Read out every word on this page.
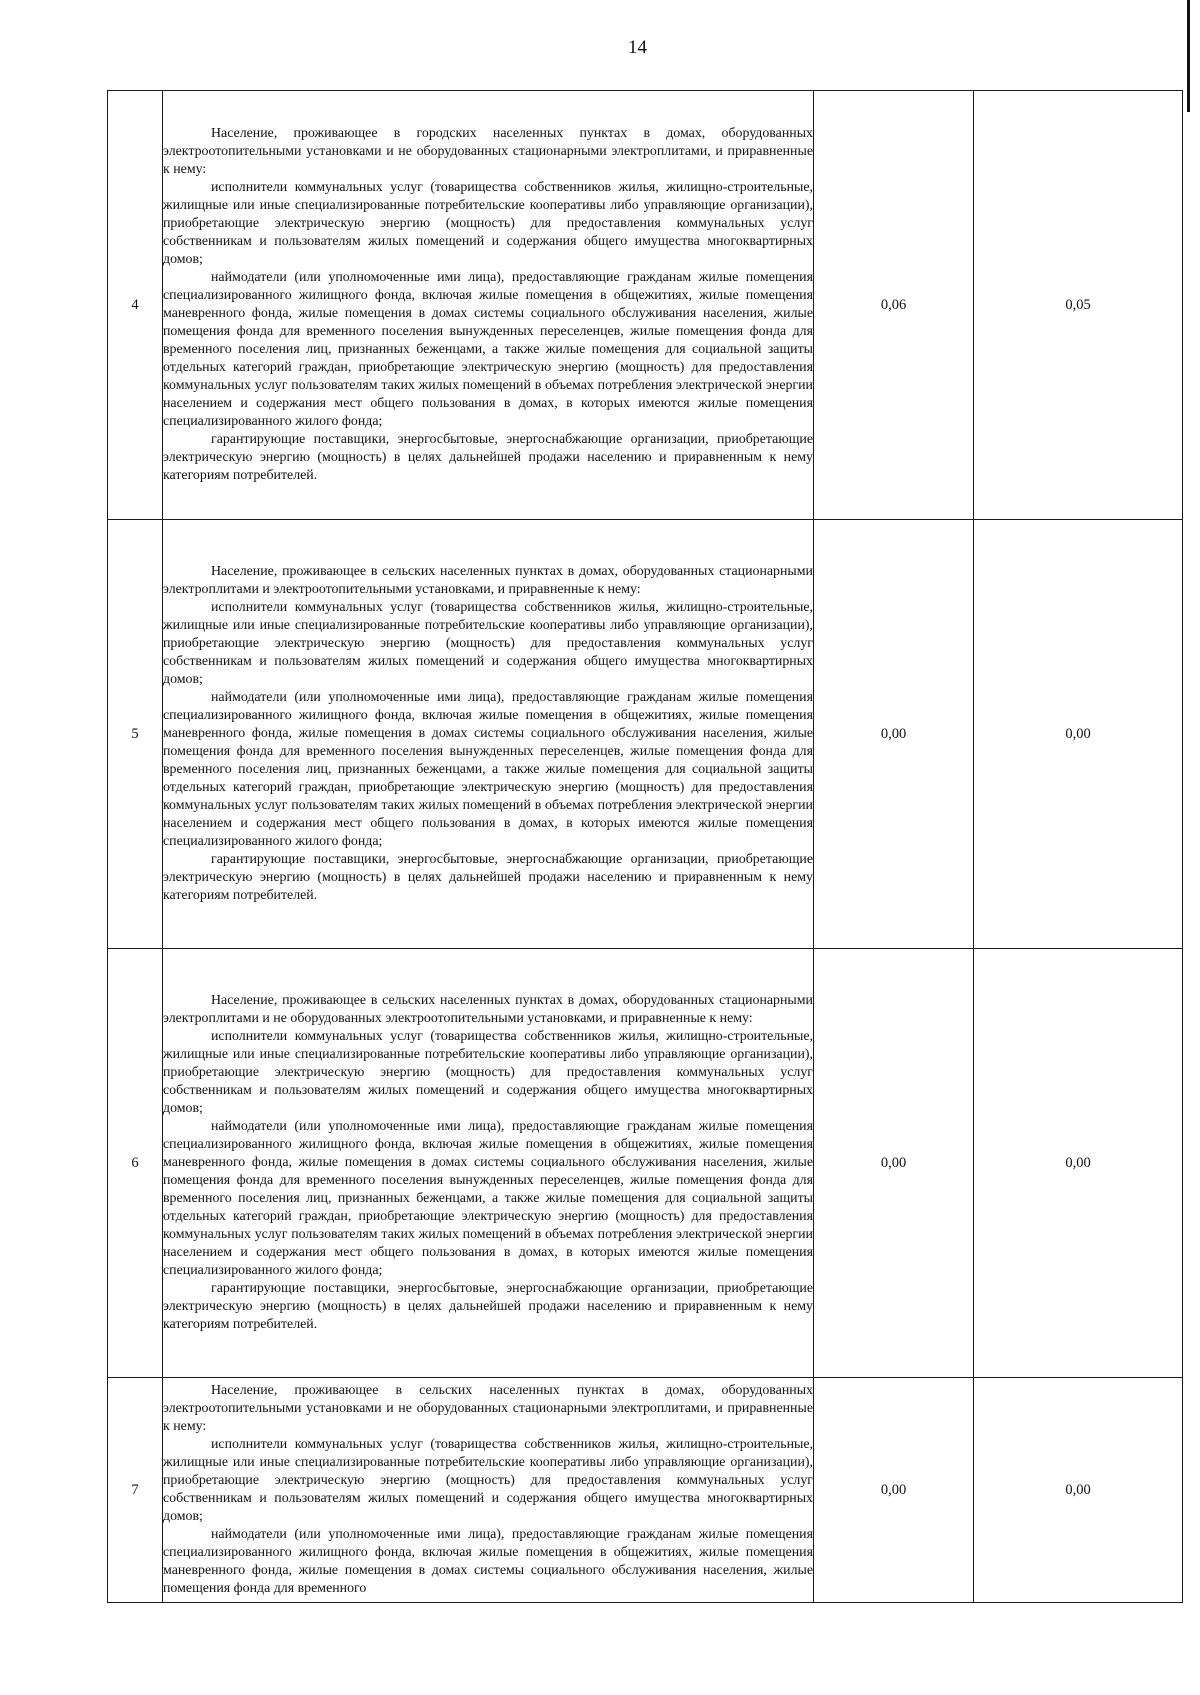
14
4	Население, проживающее в городских населенных пунктах в домах, оборудованных электроотопительными установками и не оборудованных стационарными электроплитами, и приравненные к нему:

исполнители коммунальных услуг (товарищества собственников жилья, жилищно-строительные, жилищные или иные специализированные потребительские кооперативы либо управляющие организации), приобретающие электрическую энергию (мощность) для предоставления коммунальных услуг собственникам и пользователям жилых помещений и содержания общего имущества многоквартирных домов;

наймодатели (или уполномоченные ими лица), предоставляющие гражданам жилые помещения специализированного жилищного фонда, включая жилые помещения в общежитиях, жилые помещения маневренного фонда, жилые помещения в домах системы социального обслуживания населения, жилые помещения фонда для временного поселения вынужденных переселенцев, жилые помещения фонда для временного поселения лиц, признанных беженцами, а также жилые помещения для социальной защиты отдельных категорий граждан, приобретающие электрическую энергию (мощность) для предоставления коммунальных услуг пользователям таких жилых помещений в объемах потребления электрической энергии населением и содержания мест общего пользования в домах, в которых имеются жилые помещения специализированного жилого фонда;

гарантирующие поставщики, энергосбытовые, энергоснабжающие организации, приобретающие электрическую энергию (мощность) в целях дальнейшей продажи населению и приравненным к нему категориям потребителей.	0,06	0,05
5	Население, проживающее в сельских населенных пунктах в домах, оборудованных стационарными электроплитами и электроотопительными установками, и приравненные к нему:

исполнители коммунальных услуг (товарищества собственников жилья, жилищно-строительные, жилищные или иные специализированные потребительские кооперативы либо управляющие организации), приобретающие электрическую энергию (мощность) для предоставления коммунальных услуг собственникам и пользователям жилых помещений и содержания общего имущества многоквартирных домов;

наймодатели (или уполномоченные ими лица), предоставляющие гражданам жилые помещения специализированного жилищного фонда, включая жилые помещения в общежитиях, жилые помещения маневренного фонда, жилые помещения в домах системы социального обслуживания населения, жилые помещения фонда для временного поселения вынужденных переселенцев, жилые помещения фонда для временного поселения лиц, признанных беженцами, а также жилые помещения для социальной защиты отдельных категорий граждан, приобретающие электрическую энергию (мощность) для предоставления коммунальных услуг пользователям таких жилых помещений в объемах потребления электрической энергии населением и содержания мест общего пользования в домах, в которых имеются жилые помещения специализированного жилого фонда;

гарантирующие поставщики, энергосбытовые, энергоснабжающие организации, приобретающие электрическую энергию (мощность) в целях дальнейшей продажи населению и приравненным к нему категориям потребителей.	0,00	0,00
6	Население, проживающее в сельских населенных пунктах в домах, оборудованных стационарными электроплитами и не оборудованных электроотопительными установками, и приравненные к нему:

исполнители коммунальных услуг (товарищества собственников жилья, жилищно-строительные, жилищные или иные специализированные потребительские кооперативы либо управляющие организации), приобретающие электрическую энергию (мощность) для предоставления коммунальных услуг собственникам и пользователям жилых помещений и содержания общего имущества многоквартирных домов;

наймодатели (или уполномоченные ими лица), предоставляющие гражданам жилые помещения специализированного жилищного фонда, включая жилые помещения в общежитиях, жилые помещения маневренного фонда, жилые помещения в домах системы социального обслуживания населения, жилые помещения фонда для временного поселения вынужденных переселенцев, жилые помещения фонда для временного поселения лиц, признанных беженцами, а также жилые помещения для социальной защиты отдельных категорий граждан, приобретающие электрическую энергию (мощность) для предоставления коммунальных услуг пользователям таких жилых помещений в объемах потребления электрической энергии населением и содержания мест общего пользования в домах, в которых имеются жилые помещения специализированного жилого фонда;

гарантирующие поставщики, энергосбытовые, энергоснабжающие организации, приобретающие электрическую энергию (мощность) в целях дальнейшей продажи населению и приравненным к нему категориям потребителей.	0,00	0,00
7	Население, проживающее в сельских населенных пунктах в домах, оборудованных электроотопительными установками и не оборудованных стационарными электроплитами, и приравненные к нему:

исполнители коммунальных услуг (товарищества собственников жилья, жилищно-строительные, жилищные или иные специализированные потребительские кооперативы либо управляющие организации), приобретающие электрическую энергию (мощность) для предоставления коммунальных услуг собственникам и пользователям жилых помещений и содержания общего имущества многоквартирных домов;

наймодатели (или уполномоченные ими лица), предоставляющие гражданам жилые помещения специализированного жилищного фонда, включая жилые помещения в общежитиях, жилые помещения маневренного фонда, жилые помещения в домах системы социального обслуживания населения, жилые помещения фонда для временного	0,00	0,00
